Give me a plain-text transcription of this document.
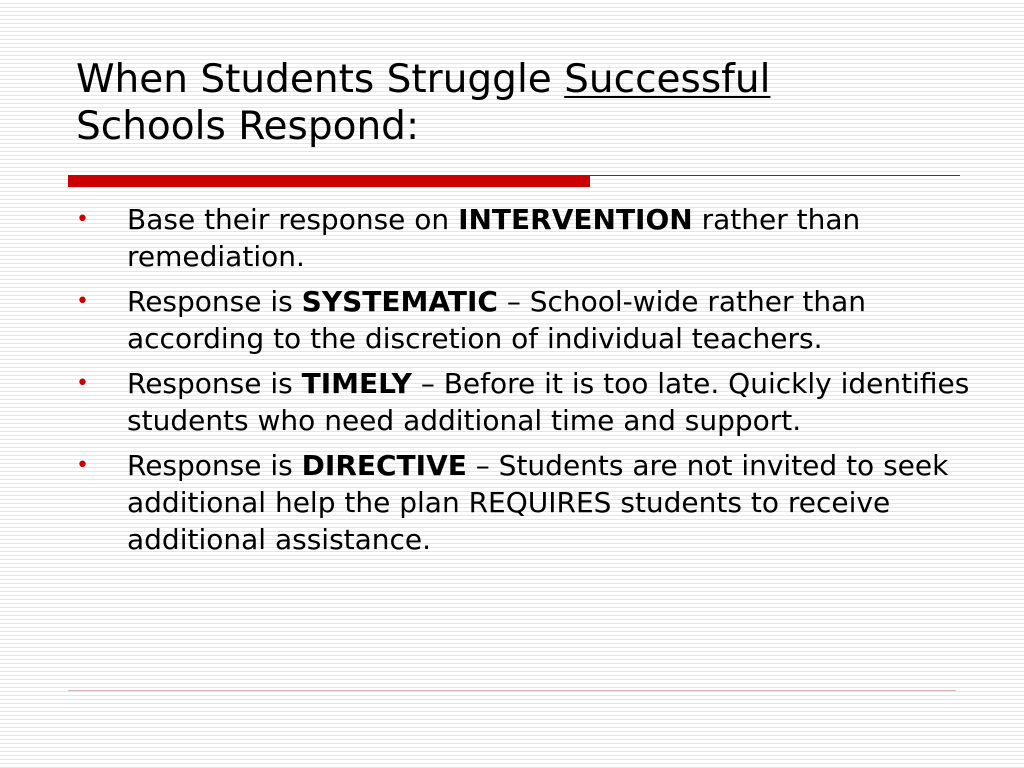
When Students Struggle Successful
Schools Respond:
• Base their response on INTERVENTION rather than remediation.
• Response is SYSTEMATIC – School-wide rather than according to the discretion of individual teachers.
• Response is TIMELY – Before it is too late. Quickly identifies students who need additional time and support.
• Response is DIRECTIVE – Students are not invited to seek additional help the plan REQUIRES students to receive additional assistance.
